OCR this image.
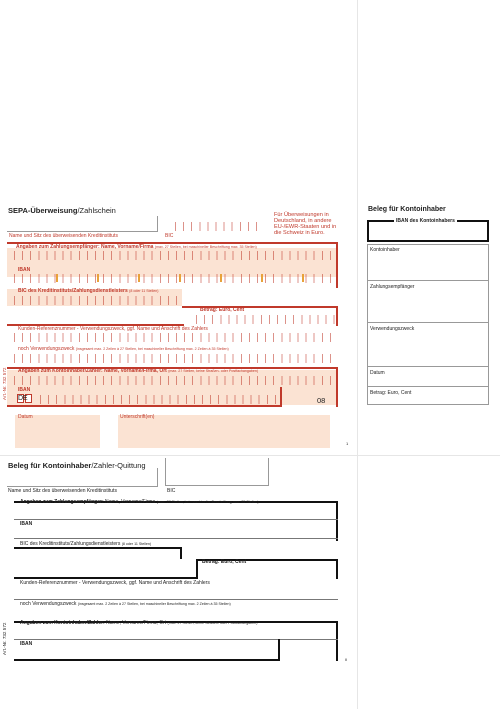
SEPA-Überweisung/Zahlschein
Name und Sitz des überweisenden Kreditinstituts	BIC
Für Überweisungen in Deutschland, in andere EU-/EWR-Staaten und in die Schweiz in Euro.
Angaben zum Zahlungsempfänger: Name, Vorname/Firma (max. 27 Stellen, bei maschineller Beschriftung max. 35 Stellen)
IBAN
BIC des Kreditinstituts/Zahlungsdienstleisters (8 oder 11 Stellen)
Betrag: Euro, Cent
Kunden-Referenznummer - Verwendungszweck, ggf. Name und Anschrift des Zahlers
noch Verwendungszweck (insgesamt max. 2 Zeilen à 27 Stellen, bei maschineller Beschriftung max. 2 Zeilen à 35 Stellen)
Angaben zum Kontoinhaber/Zahler: Name, Vorname/Firma, Ort (max. 27 Stellen, keine Straßen- oder Postfachangaben)
IBAN
DE	08
Datum	Unterschrift(en)
1
Art.-Nr. 732 572
Beleg für Kontoinhaber
IBAN des Kontoinhabers
Kontoinhaber
Zahlungsempfänger
Verwendungszweck
Datum
Betrag: Euro, Cent
Beleg für Kontoinhaber/Zahler-Quittung
Name und Sitz des überweisenden Kreditinstituts	BIC
Angaben zum Zahlungsempfänger: Name, Vorname/Firma (max. 27 Stellen, bei maschineller Beschriftung max. 35 Stellen)
IBAN
BIC des Kreditinstituts/Zahlungsdienstleisters (8 oder 11 Stellen)
Betrag: Euro, Cent
Kunden-Referenznummer - Verwendungszweck, ggf. Name und Anschrift des Zahlers
noch Verwendungszweck (insgesamt max. 2 Zeilen à 27 Stellen, bei maschineller Beschriftung max. 2 Zeilen à 35 Stellen)
Angaben zum Kontoinhaber/Zahler: Name, Vorname/Firma, Ort (max. 27 Stellen, keine Straßen- oder Postfachangaben)
IBAN
II
Art.-Nr. 732 572
